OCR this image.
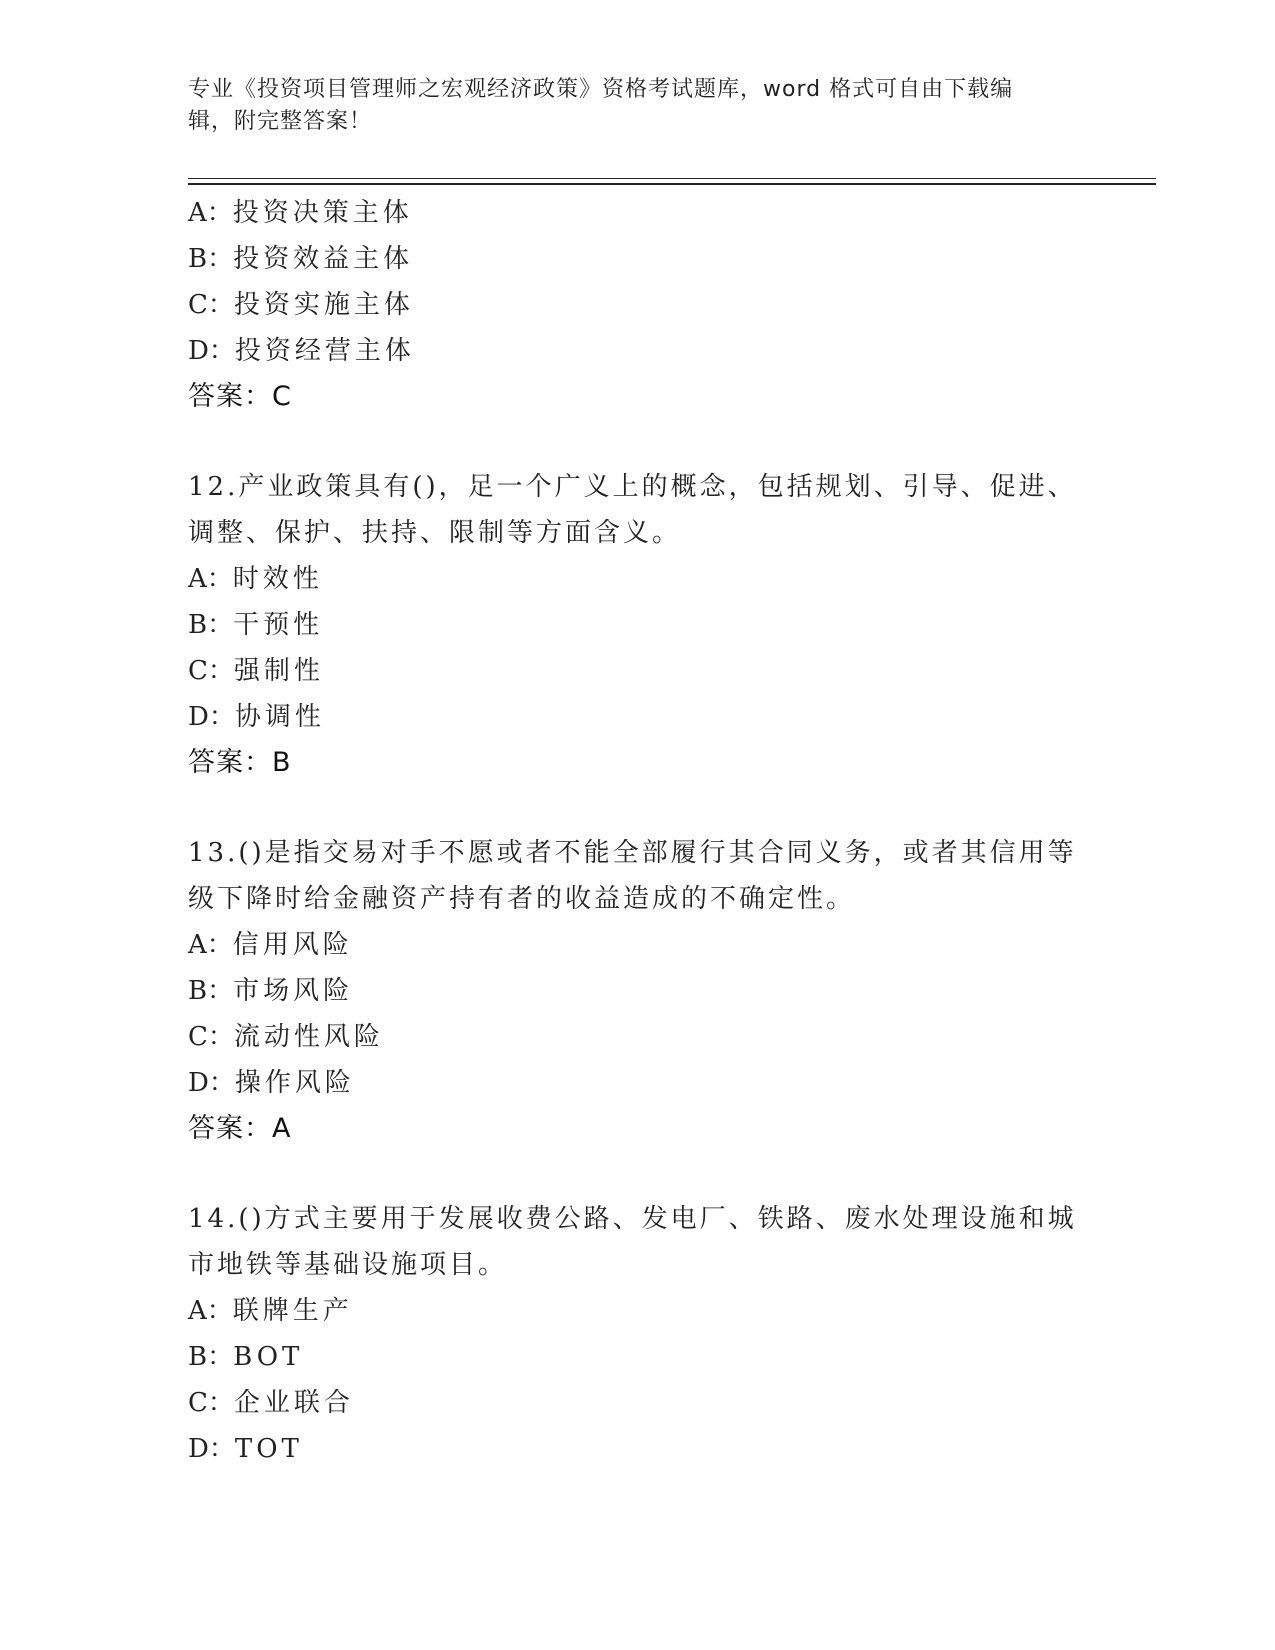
专业《投资项目管理师之宏观经济政策》资格考试题库，word 格式可自由下载编
辑，附完整答案！
A：投资决策主体
B：投资效益主体
C：投资实施主体
D：投资经营主体
答案：C
12.产业政策具有()，足一个广义上的概念，包括规划、引导、促进、
调整、保护、扶持、限制等方面含义。
A：时效性
B：干预性
C：强制性
D：协调性
答案：B
13.()是指交易对手不愿或者不能全部履行其合同义务，或者其信用等
级下降时给金融资产持有者的收益造成的不确定性。
A：信用风险
B：市场风险
C：流动性风险
D：操作风险
答案：A
14.()方式主要用于发展收费公路、发电厂、铁路、废水处理设施和城
市地铁等基础设施项目。
A：联牌生产
B：BOT
C：企业联合
D：TOT
